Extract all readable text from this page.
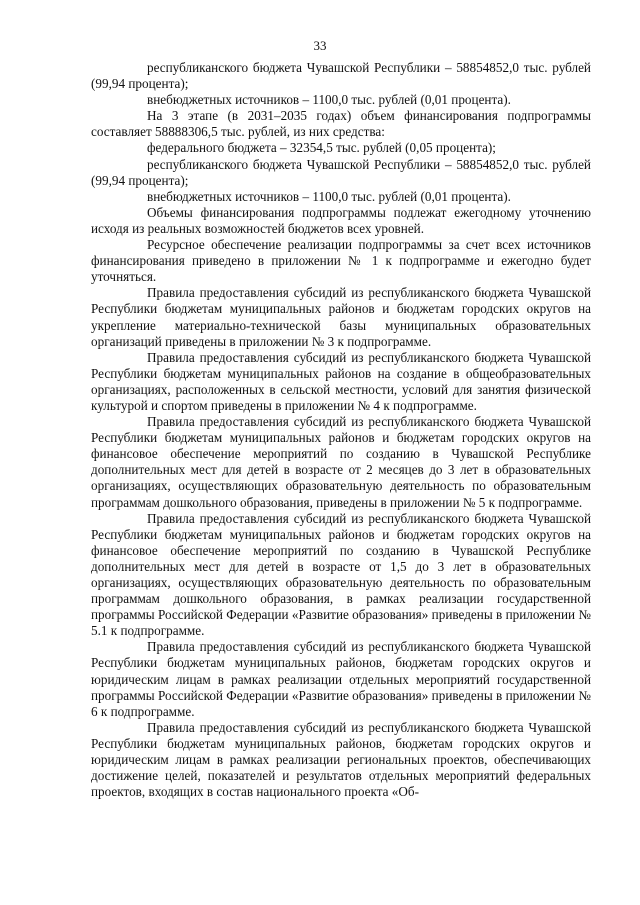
33

республиканского бюджета Чувашской Республики – 58854852,0 тыс. рублей (99,94 процента);

внебюджетных источников – 1100,0 тыс. рублей (0,01 процента).

На 3 этапе (в 2031–2035 годах) объем финансирования подпрограммы составляет 58888306,5 тыс. рублей, из них средства:

федерального бюджета – 32354,5 тыс. рублей (0,05 процента);

республиканского бюджета Чувашской Республики – 58854852,0 тыс. рублей (99,94 процента);

внебюджетных источников – 1100,0 тыс. рублей (0,01 процента).

Объемы финансирования подпрограммы подлежат ежегодному уточнению исходя из реальных возможностей бюджетов всех уровней.

Ресурсное обеспечение реализации подпрограммы за счет всех источников финансирования приведено в приложении № 1 к подпрограмме и ежегодно будет уточняться.

Правила предоставления субсидий из республиканского бюджета Чувашской Республики бюджетам муниципальных районов и бюджетам городских округов на укрепление материально-технической базы муниципальных образовательных организаций приведены в приложении № 3 к подпрограмме.

Правила предоставления субсидий из республиканского бюджета Чувашской Республики бюджетам муниципальных районов на создание в общеобразовательных организациях, расположенных в сельской местности, условий для занятия физической культурой и спортом приведены в приложении № 4 к подпрограмме.

Правила предоставления субсидий из республиканского бюджета Чувашской Республики бюджетам муниципальных районов и бюджетам городских округов на финансовое обеспечение мероприятий по созданию в Чувашской Республике дополнительных мест для детей в возрасте от 2 месяцев до 3 лет в образовательных организациях, осуществляющих образовательную деятельность по образовательным программам дошкольного образования, приведены в приложении № 5 к подпрограмме.

Правила предоставления субсидий из республиканского бюджета Чувашской Республики бюджетам муниципальных районов и бюджетам городских округов на финансовое обеспечение мероприятий по созданию в Чувашской Республике дополнительных мест для детей в возрасте от 1,5 до 3 лет в образовательных организациях, осуществляющих образовательную деятельность по образовательным программам дошкольного образования, в рамках реализации государственной программы Российской Федерации «Развитие образования» приведены в приложении № 5.1 к подпрограмме.

Правила предоставления субсидий из республиканского бюджета Чувашской Республики бюджетам муниципальных районов, бюджетам городских округов и юридическим лицам в рамках реализации отдельных мероприятий государственной программы Российской Федерации «Развитие образования» приведены в приложении № 6 к подпрограмме.

Правила предоставления субсидий из республиканского бюджета Чувашской Республики бюджетам муниципальных районов, бюджетам городских округов и юридическим лицам в рамках реализации региональных проектов, обеспечивающих достижение целей, показателей и результатов отдельных мероприятий федеральных проектов, входящих в состав национального проекта «Об-
